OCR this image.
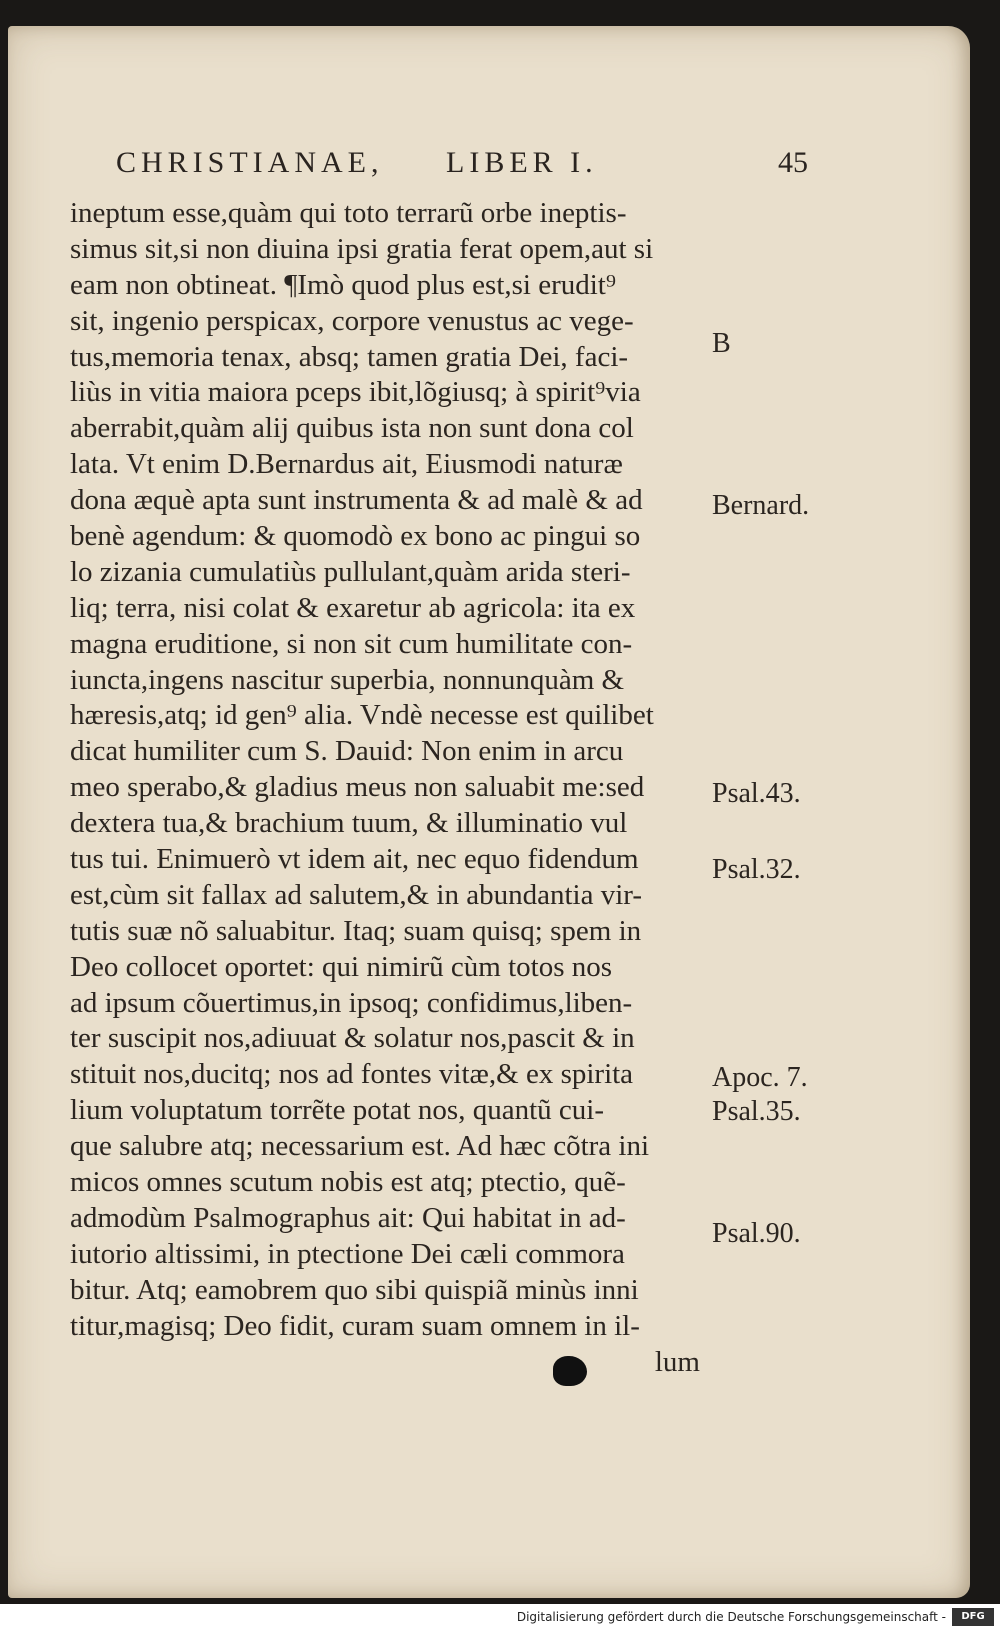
CHRISTIANAE, LIBER I.	45
ineptum esse,quàm qui toto terrarũ orbe ineptis-
simus sit,si non diuina ipsi gratia ferat opem,aut si
eam non obtineat. ¶Imò quod plus est,si erudit⁹
sit, ingenio perspicax, corpore venustus ac vege-
tus,memoria tenax, absq; tamen gratia Dei, faci-
liùs in vitia maiora pceps ibit,lõgiusq; à spirit⁹via
aberrabit,quàm alij quibus ista non sunt dona col
lata. Vt enim D.Bernardus ait, Eiusmodi naturæ
dona æquè apta sunt instrumenta & ad malè & ad
benè agendum: & quomodò ex bono ac pingui so
lo zizania cumulatiùs pullulant,quàm arida steri-
liq; terra, nisi colat & exaretur ab agricola: ita ex
magna eruditione, si non sit cum humilitate con-
iuncta,ingens nascitur superbia, nonnunquàm &
hæresis,atq; id gen⁹ alia. Vndè necesse est quilibet
dicat humiliter cum S. Dauid: Non enim in arcu
meo sperabo,& gladius meus non saluabit me:sed
dextera tua,& brachium tuum, & illuminatio vul
tus tui. Enimuerò vt idem ait, nec equo fidendum
est,cùm sit fallax ad salutem,& in abundantia vir-
tutis suæ nõ saluabitur. Itaq; suam quisq; spem in
Deo collocet oportet: qui nimirũ cùm totos nos
ad ipsum cõuertimus,in ipsoq; confidimus,liben-
ter suscipit nos,adiuuat & solatur nos,pascit & in
stituit nos,ducitq; nos ad fontes vitæ,& ex spirita
lium voluptatum torrẽte potat nos, quantũ cui-
que salubre atq; necessarium est. Ad hæc cõtra ini
micos omnes scutum nobis est atq; ptectio, quẽ-
admodùm Psalmographus ait: Qui habitat in ad-
iutorio altissimi, in ptectione Dei cæli commora
bitur. Atq; eamobrem quo sibi quispiã minùs inni
titur,magisq; Deo fidit, curam suam omnem in il-
lum
B
Bernard.
Psal.43.
Psal.32.
Apoc. 7.
Psal.35.
Psal.90.
Digitalisierung gefördert durch die Deutsche Forschungsgemeinschaft -	DFG
